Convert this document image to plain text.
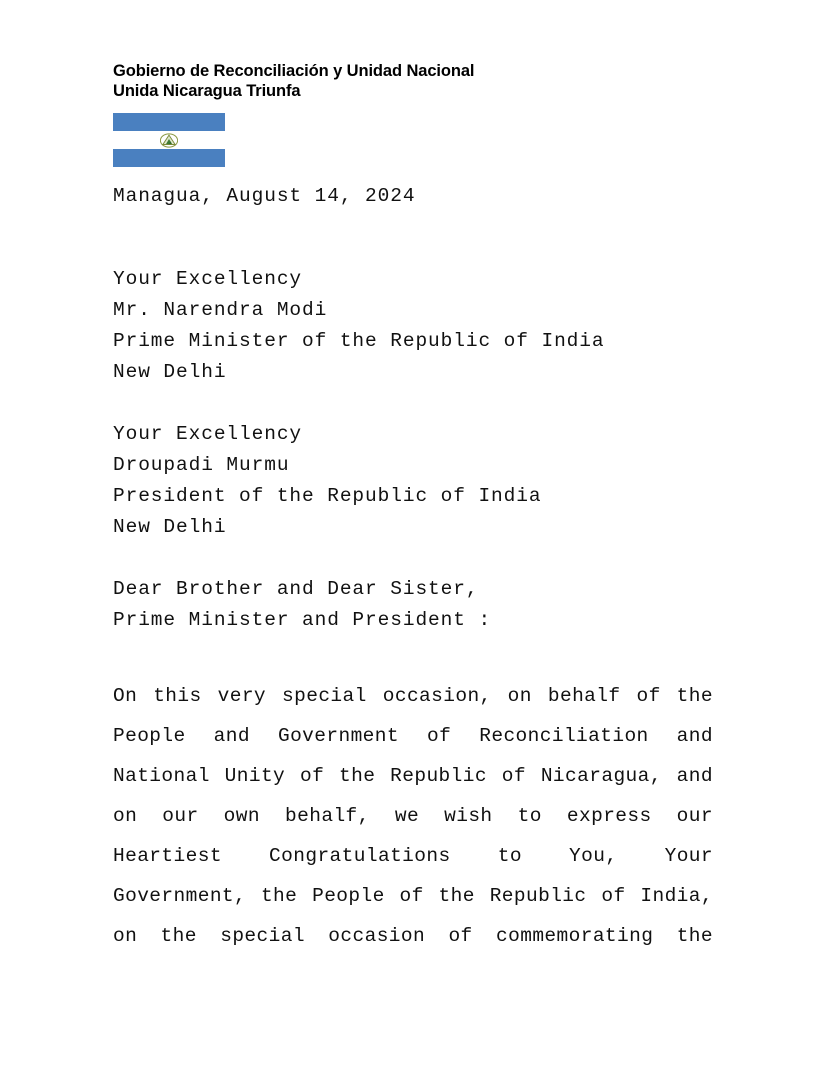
Gobierno de Reconciliación y Unidad Nacional
Unida Nicaragua Triunfa
Managua, August 14, 2024
Your Excellency
Mr. Narendra Modi
Prime Minister of the Republic of India
New Delhi
Your Excellency
Droupadi Murmu
President of the Republic of India
New Delhi
Dear Brother and Dear Sister,
Prime Minister and President :
On this very special occasion, on behalf of the People and Government of Reconciliation and National Unity of the Republic of Nicaragua, and on our own behalf, we wish to express our Heartiest Congratulations to You, Your Government, the People of the Republic of India, on the special occasion of commemorating the
